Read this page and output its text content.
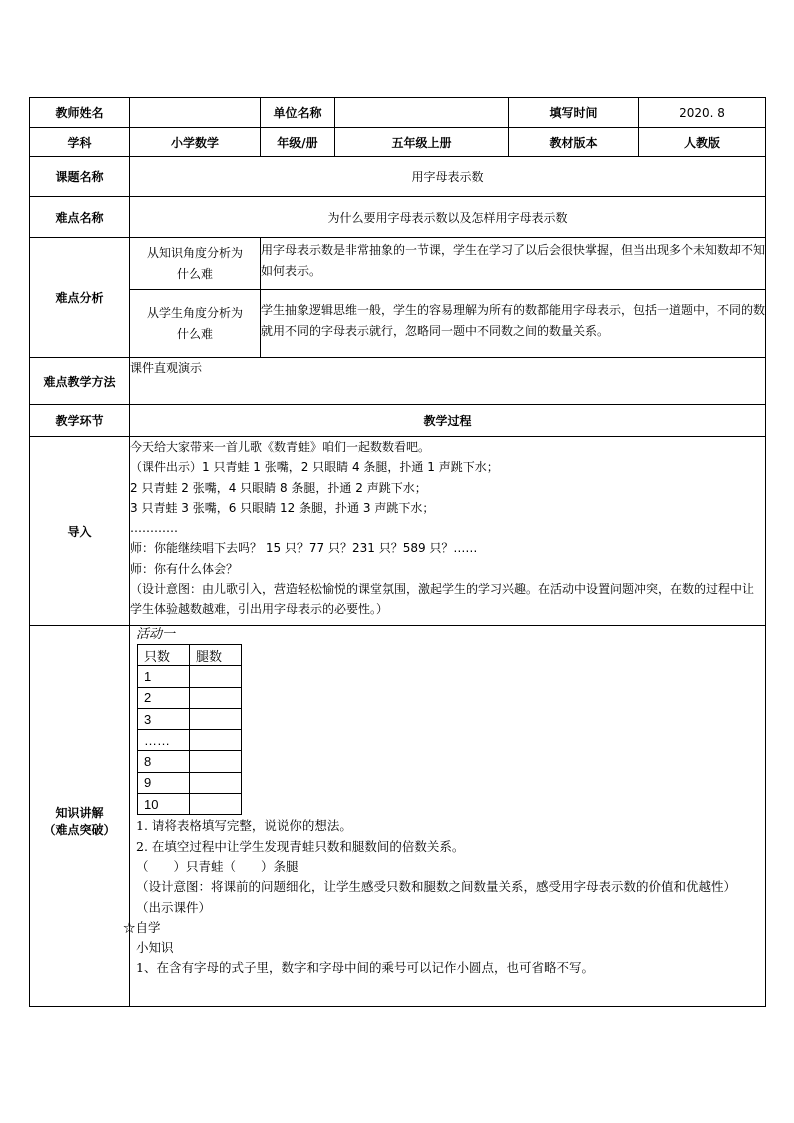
教师姓名		单位名称		填写时间	2020. 8
学科	小学数学	年级/册	五年级上册	教材版本	人教版
课题名称	用字母表示数
难点名称	为什么要用字母表示数以及怎样用字母表示数
难点分析	从知识角度分析为什么难	用字母表示数是非常抽象的一节课，学生在学习了以后会很快掌握，但当出现多个未知数却不知如何表示。
从学生角度分析为什么难	学生抽象逻辑思维一般，学生的容易理解为所有的数都能用字母表示，包括一道题中，不同的数就用不同的字母表示就行，忽略同一题中不同数之间的数量关系。
难点教学方法	课件直观演示
教学环节	教学过程
导入	
今天给大家带来一首儿歌《数青蛙》咱们一起数数看吧。
（课件出示）1 只青蛙 1 张嘴，2 只眼睛 4 条腿，扑通 1 声跳下水；
2 只青蛙 2 张嘴，4 只眼睛 8 条腿，扑通 2 声跳下水；
3 只青蛙 3 张嘴，6 只眼睛 12 条腿，扑通 3 声跳下水；
…………
师：你能继续唱下去吗？ 15 只？77 只？231 只？589 只？……
师：你有什么体会？
（设计意图：由儿歌引入，营造轻松愉悦的课堂氛围，激起学生的学习兴趣。在活动中设置问题冲突，在数的过程中让学生体验越数越难，引出用字母表示的必要性。）

知识讲解
（难点突破）

活动一
只数	腿数
1	
2	
3	
……	
8	
9	
10	
1. 请将表格填写完整，说说你的想法。
2. 在填空过程中让学生发现青蛙只数和腿数间的倍数关系。
（　　）只青蛙（　　）条腿
（设计意图：将课前的问题细化，让学生感受只数和腿数之间数量关系，感受用字母表示数的价值和优越性）
（出示课件）
☆自学
小知识
1、在含有字母的式子里，数字和字母中间的乘号可以记作小圆点，也可省略不写。
